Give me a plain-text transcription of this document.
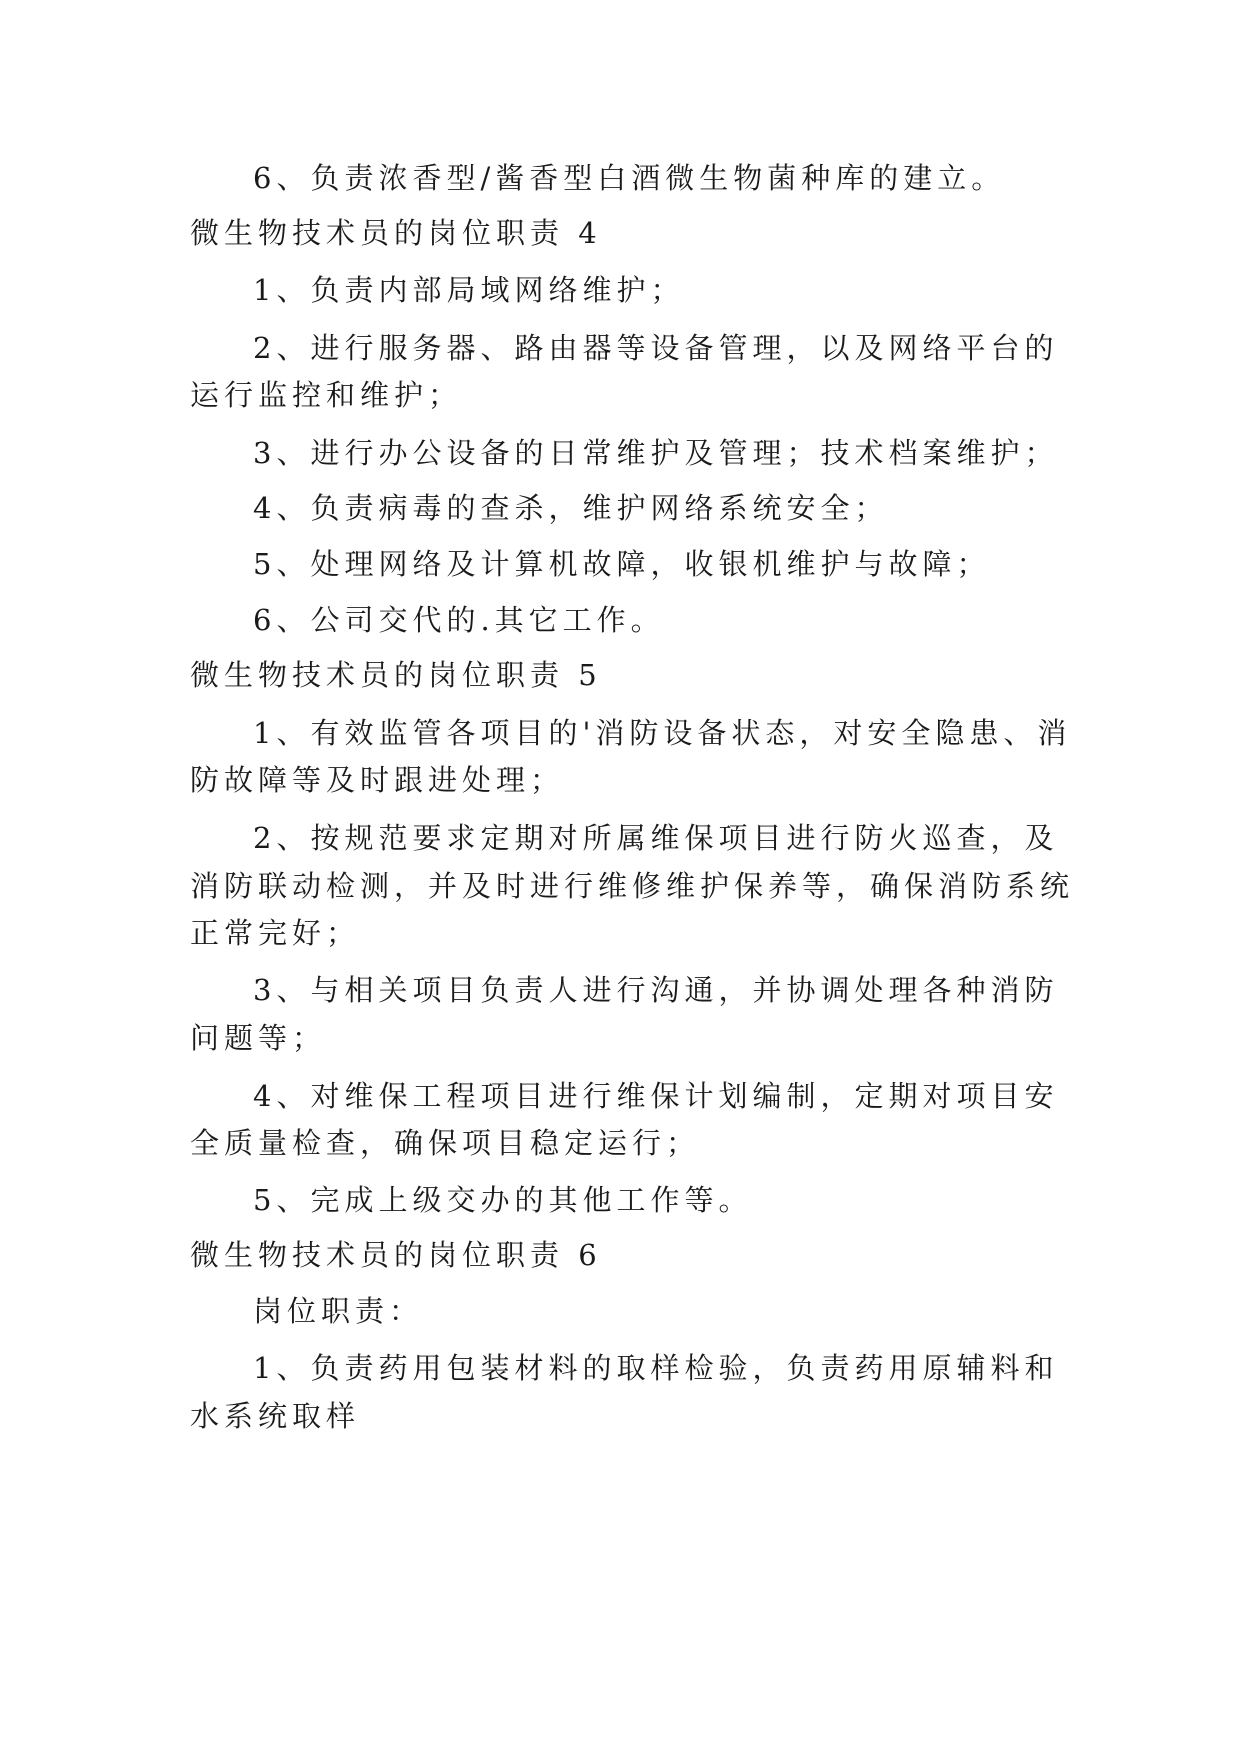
6、负责浓香型/酱香型白酒微生物菌种库的建立。
微生物技术员的岗位职责 4
1、负责内部局域网络维护；
2、进行服务器、路由器等设备管理，以及网络平台的
运行监控和维护；
3、进行办公设备的日常维护及管理；技术档案维护；
4、负责病毒的查杀，维护网络系统安全；
5、处理网络及计算机故障，收银机维护与故障；
6、公司交代的.其它工作。
微生物技术员的岗位职责 5
1、有效监管各项目的'消防设备状态，对安全隐患、消
防故障等及时跟进处理；
2、按规范要求定期对所属维保项目进行防火巡查，及
消防联动检测，并及时进行维修维护保养等，确保消防系统
正常完好；
3、与相关项目负责人进行沟通，并协调处理各种消防
问题等；
4、对维保工程项目进行维保计划编制，定期对项目安
全质量检查，确保项目稳定运行；
5、完成上级交办的其他工作等。
微生物技术员的岗位职责 6
岗位职责：
1、负责药用包装材料的取样检验，负责药用原辅料和
水系统取样
